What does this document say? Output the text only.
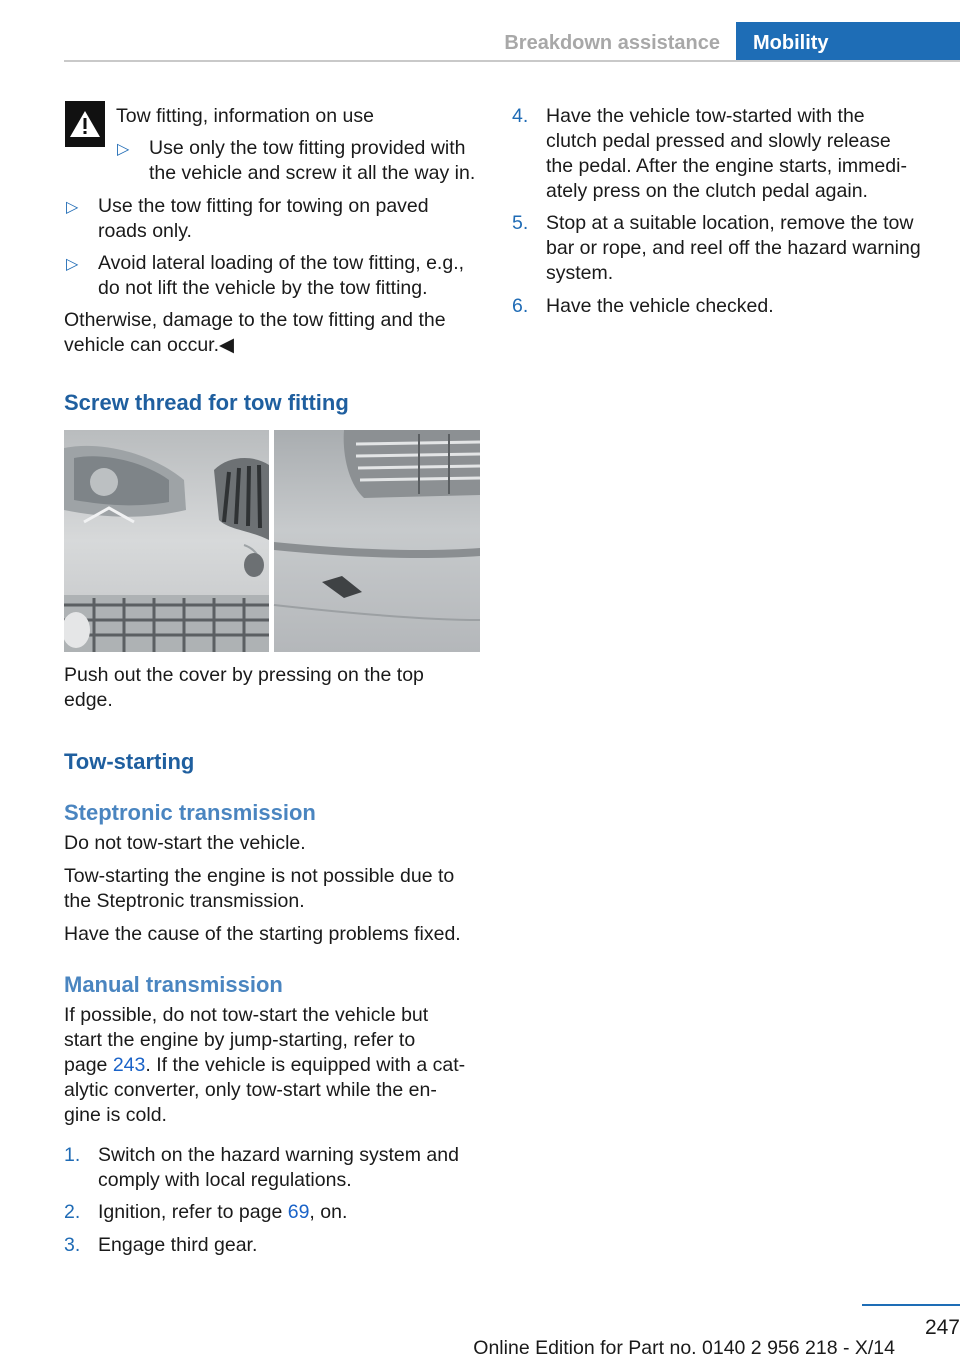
Breakdown assistance	Mobility
Tow fitting, information on use
▷ Use only the tow fitting provided with
the vehicle and screw it all the way in.
▷ Use the tow fitting for towing on paved
roads only.
▷ Avoid lateral loading of the tow fitting, e.g.,
do not lift the vehicle by the tow fitting.
Otherwise, damage to the tow fitting and the
vehicle can occur.◀
Screw thread for tow fitting
Push out the cover by pressing on the top
edge.
Tow-starting
Steptronic transmission
Do not tow-start the vehicle.
Tow-starting the engine is not possible due to
the Steptronic transmission.
Have the cause of the starting problems fixed.
Manual transmission
If possible, do not tow-start the vehicle but
start the engine by jump-starting, refer to
page 243. If the vehicle is equipped with a cat-
alytic converter, only tow-start while the en-
gine is cold.
1. Switch on the hazard warning system and
comply with local regulations.
2. Ignition, refer to page 69, on.
3. Engage third gear.
4. Have the vehicle tow-started with the
clutch pedal pressed and slowly release
the pedal. After the engine starts, immedi-
ately press on the clutch pedal again.
5. Stop at a suitable location, remove the tow
bar or rope, and reel off the hazard warning
system.
6. Have the vehicle checked.
247
Online Edition for Part no. 0140 2 956 218 - X/14
